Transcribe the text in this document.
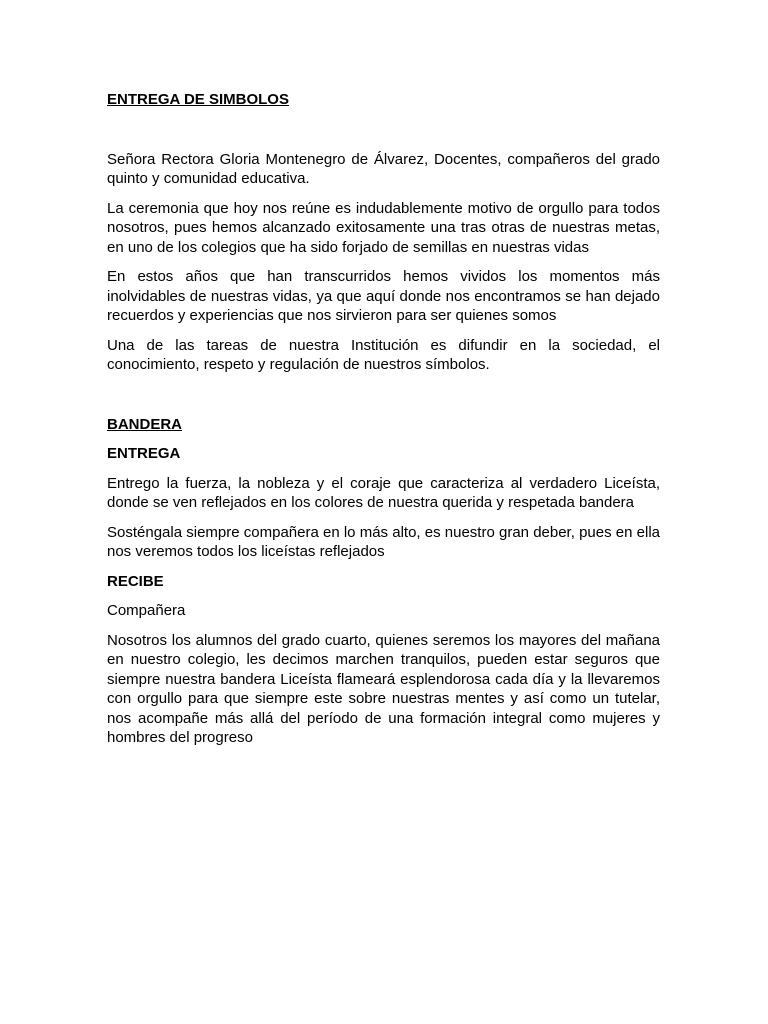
ENTREGA DE SIMBOLOS

Señora Rectora Gloria Montenegro de Álvarez, Docentes, compañeros del grado quinto y comunidad educativa.

La ceremonia que hoy nos reúne es indudablemente motivo de orgullo para todos nosotros, pues hemos alcanzado exitosamente una tras otras de nuestras metas, en uno de los colegios que ha sido forjado de semillas en nuestras vidas

En estos años que han transcurridos hemos vividos los momentos más inolvidables de nuestras vidas, ya que aquí donde nos encontramos se han dejado recuerdos y experiencias que nos sirvieron para ser quienes somos

Una de las tareas de nuestra Institución es difundir en la sociedad, el conocimiento, respeto y regulación de nuestros símbolos.

BANDERA

ENTREGA

Entrego la fuerza, la nobleza y el coraje que caracteriza al verdadero Liceísta, donde se ven reflejados en los colores de nuestra querida y respetada bandera

Sosténgala siempre compañera en lo más alto, es nuestro gran deber, pues en ella nos veremos todos los liceístas reflejados

RECIBE

Compañera

Nosotros los alumnos del grado cuarto, quienes seremos los mayores del mañana en nuestro colegio, les decimos marchen tranquilos, pueden estar seguros que siempre nuestra bandera Liceísta flameará esplendorosa cada día y la llevaremos con orgullo para que siempre este sobre nuestras mentes y así como un tutelar, nos acompañe más allá del período de una formación integral como mujeres y hombres del progreso
